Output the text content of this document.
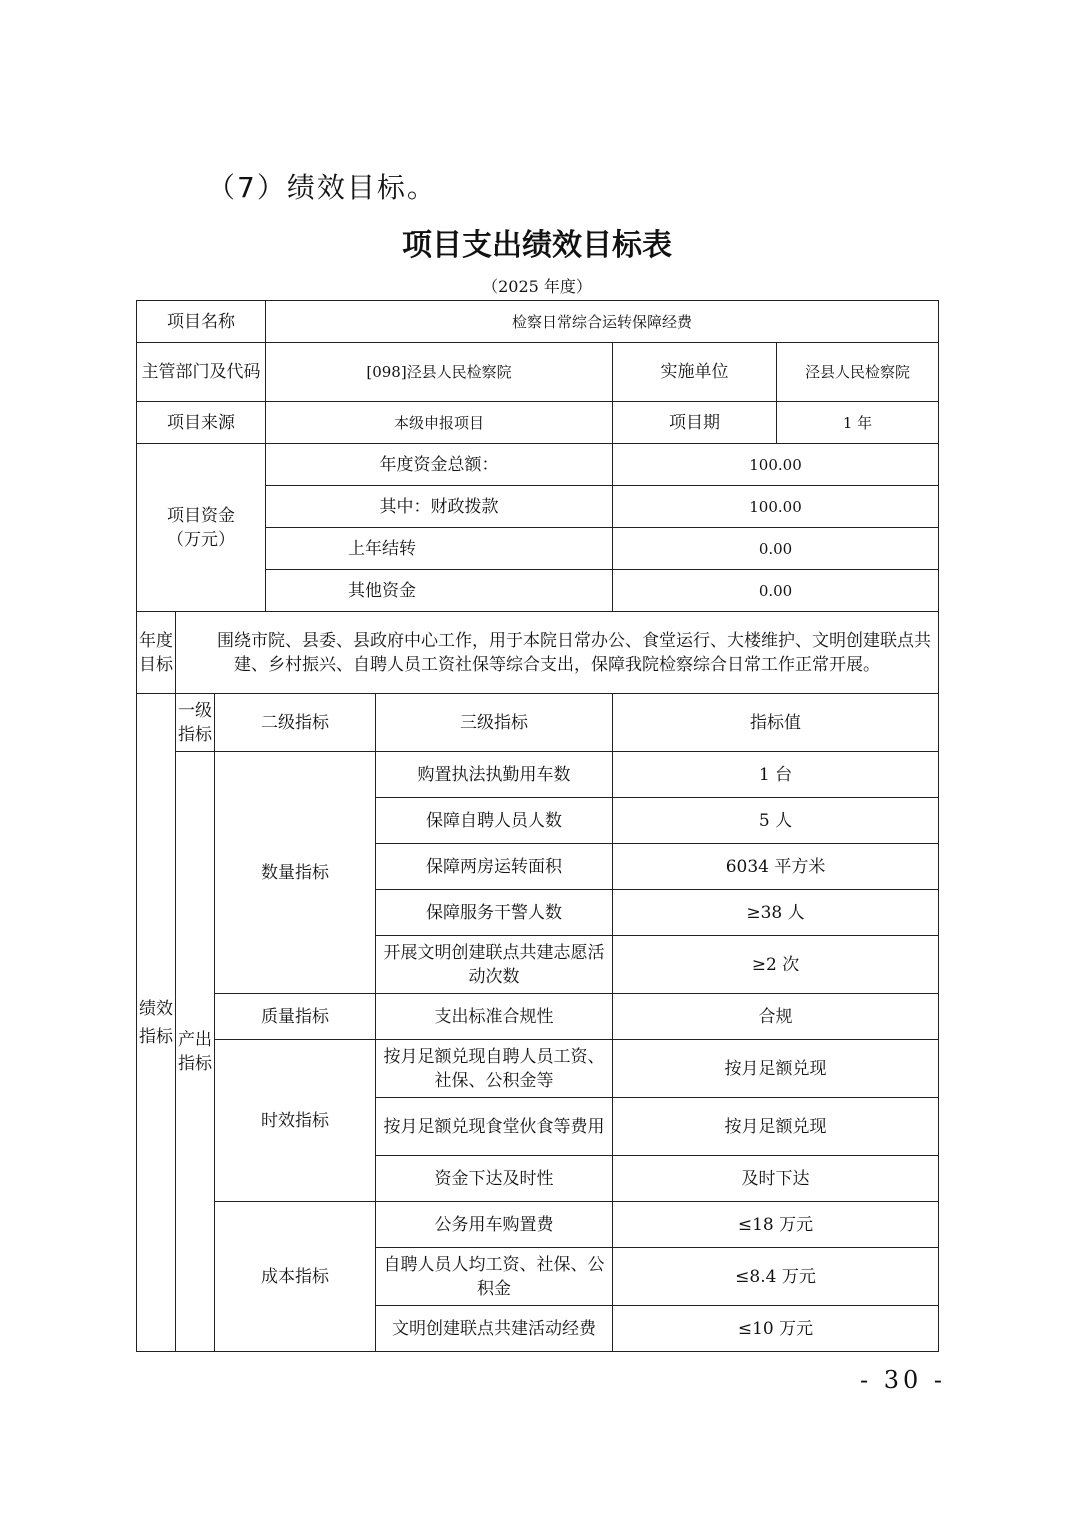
（7）绩效目标。
项目支出绩效目标表
（2025 年度）
项目名称			检察日常综合运转保障经费			
主管部门及代码			[098]泾县人民检察院		实施单位	泾县人民检察院
项目来源			本级申报项目		项目期	1 年

项目资金
（万元）			年度资金总额：		100.00	
			其中：财政拨款		100.00	
			上年结转		0.00	
			其他资金		0.00	
年度目标	　　围绕市院、县委、县政府中心工作，用于本院日常办公、食堂运行、大楼维护、文明创建联点共建、乡村振兴、自聘人员工资社保等综合支出，保障我院检察综合日常工作正常开展。					
绩效指标	一级指标	二级指标		三级指标	指标值	
	产出指标	数量指标		购置执法执勤用车数	1 台	
				保障自聘人员人数	5 人	
				保障两房运转面积	6034 平方米	
				保障服务干警人数	≥38 人	
				开展文明创建联点共建志愿活动次数	≥2 次	
		质量指标		支出标准合规性	合规	
		时效指标		按月足额兑现自聘人员工资、社保、公积金等	按月足额兑现	
				按月足额兑现食堂伙食等费用	按月足额兑现	
				资金下达及时性	及时下达	
		成本指标		公务用车购置费	≤18 万元	
				自聘人员人均工资、社保、公积金	≤8.4 万元	
				文明创建联点共建活动经费	≤10 万元	
- 30 -
